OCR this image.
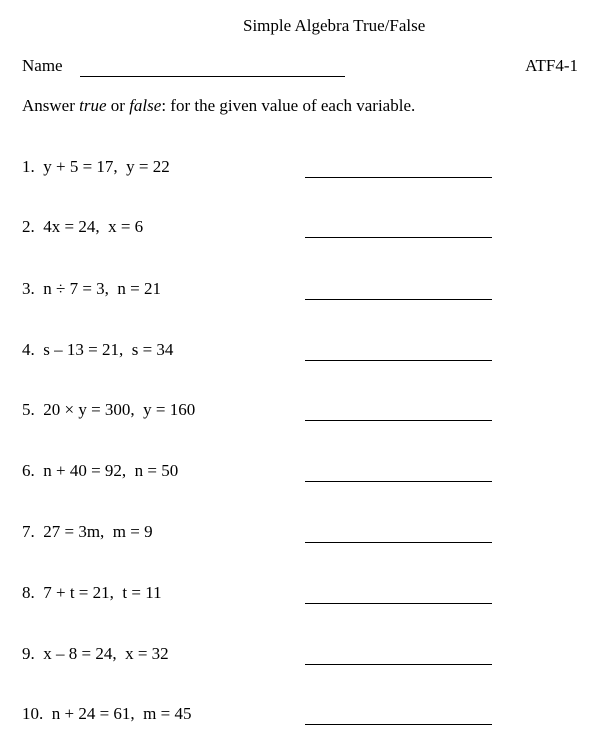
Simple Algebra True/False
Name	ATF4-1
Answer true or false: for the given value of each variable.
1.  y + 5 = 17,  y = 22
2.  4x = 24,  x = 6
3.  n ÷ 7 = 3,  n = 21
4.  s – 13 = 21,  s = 34
5.  20 × y = 300,  y = 160
6.  n + 40 = 92,  n = 50
7.  27 = 3m,  m = 9
8.  7 + t = 21,  t = 11
9.  x – 8 = 24,  x = 32
10.  n + 24 = 61,  m = 45
